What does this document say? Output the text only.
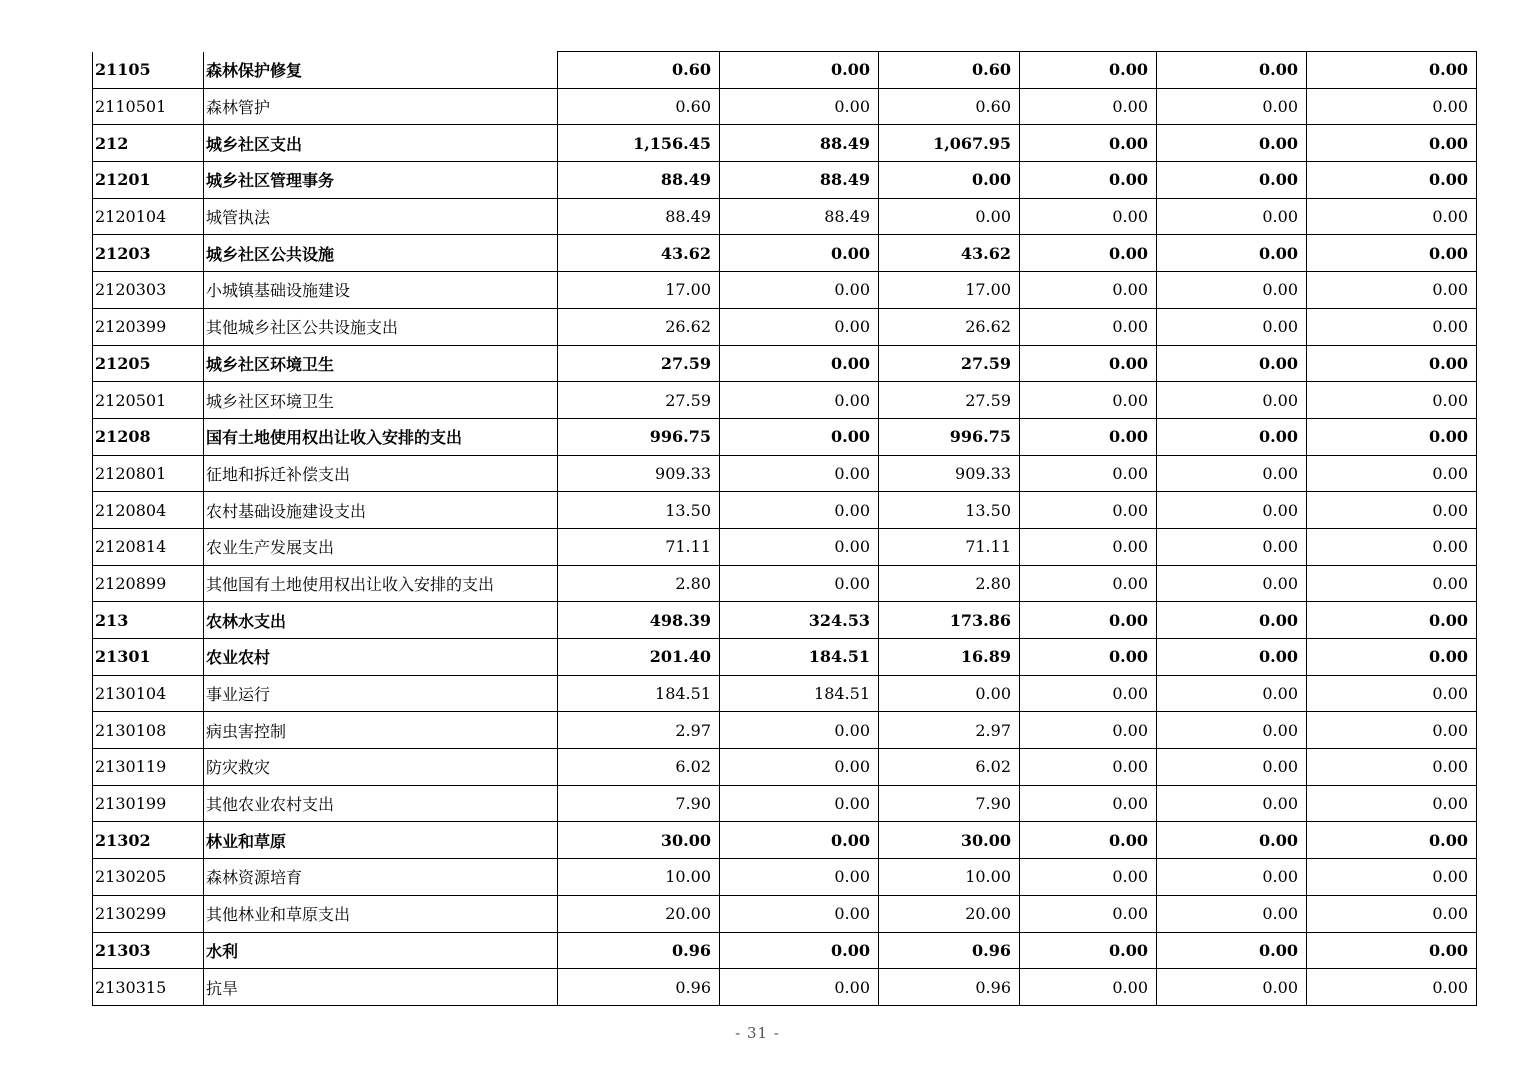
21105	森林保护修复	0.60	0.00	0.60	0.00	0.00	0.00
2110501	森林管护	0.60	0.00	0.60	0.00	0.00	0.00
212	城乡社区支出	1,156.45	88.49	1,067.95	0.00	0.00	0.00
21201	城乡社区管理事务	88.49	88.49	0.00	0.00	0.00	0.00
2120104	城管执法	88.49	88.49	0.00	0.00	0.00	0.00
21203	城乡社区公共设施	43.62	0.00	43.62	0.00	0.00	0.00
2120303	小城镇基础设施建设	17.00	0.00	17.00	0.00	0.00	0.00
2120399	其他城乡社区公共设施支出	26.62	0.00	26.62	0.00	0.00	0.00
21205	城乡社区环境卫生	27.59	0.00	27.59	0.00	0.00	0.00
2120501	城乡社区环境卫生	27.59	0.00	27.59	0.00	0.00	0.00
21208	国有土地使用权出让收入安排的支出	996.75	0.00	996.75	0.00	0.00	0.00
2120801	征地和拆迁补偿支出	909.33	0.00	909.33	0.00	0.00	0.00
2120804	农村基础设施建设支出	13.50	0.00	13.50	0.00	0.00	0.00
2120814	农业生产发展支出	71.11	0.00	71.11	0.00	0.00	0.00
2120899	其他国有土地使用权出让收入安排的支出	2.80	0.00	2.80	0.00	0.00	0.00
213	农林水支出	498.39	324.53	173.86	0.00	0.00	0.00
21301	农业农村	201.40	184.51	16.89	0.00	0.00	0.00
2130104	事业运行	184.51	184.51	0.00	0.00	0.00	0.00
2130108	病虫害控制	2.97	0.00	2.97	0.00	0.00	0.00
2130119	防灾救灾	6.02	0.00	6.02	0.00	0.00	0.00
2130199	其他农业农村支出	7.90	0.00	7.90	0.00	0.00	0.00
21302	林业和草原	30.00	0.00	30.00	0.00	0.00	0.00
2130205	森林资源培育	10.00	0.00	10.00	0.00	0.00	0.00
2130299	其他林业和草原支出	20.00	0.00	20.00	0.00	0.00	0.00
21303	水利	0.96	0.00	0.96	0.00	0.00	0.00
2130315	抗旱	0.96	0.00	0.96	0.00	0.00	0.00
- 31 -
